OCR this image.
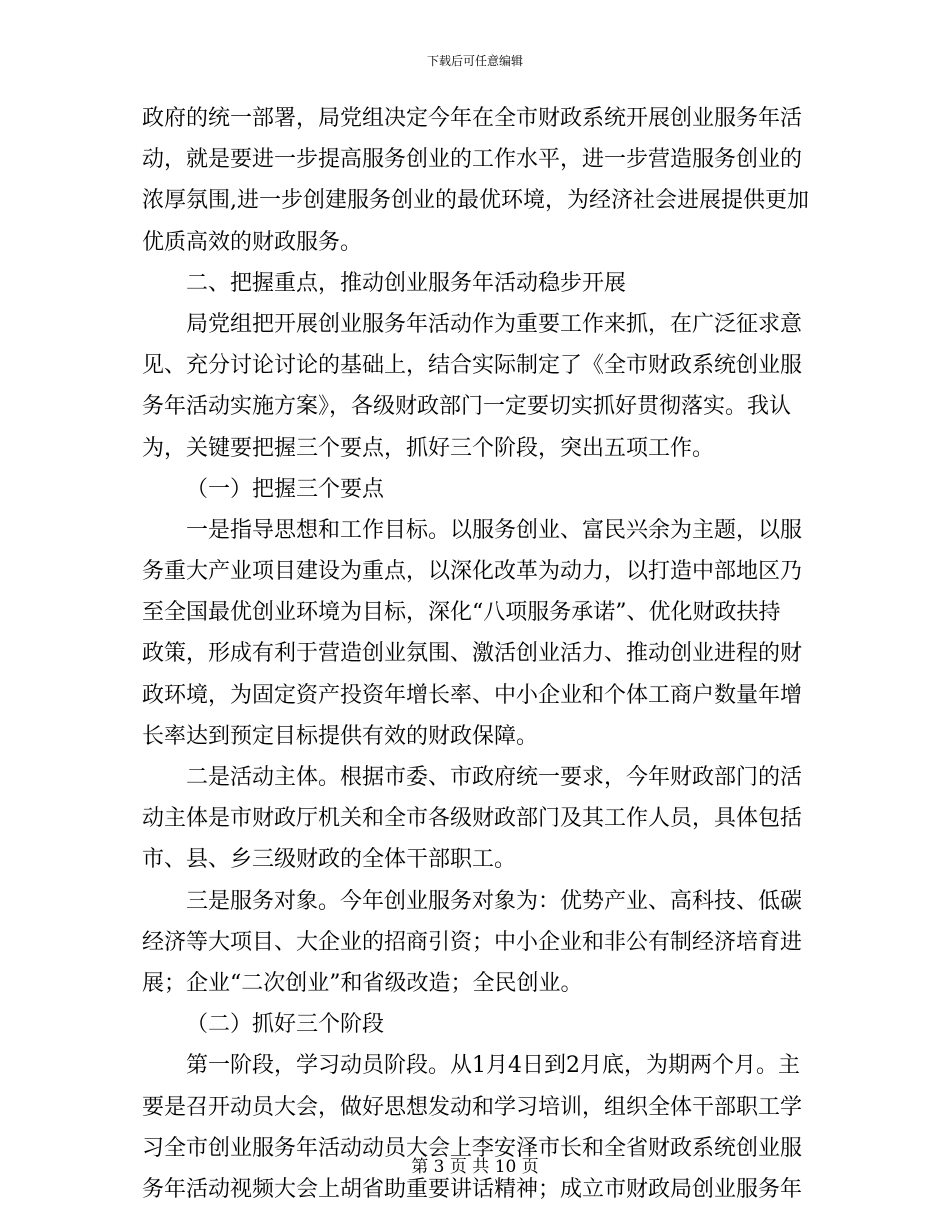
下载后可任意编辑
政府的统一部署，局党组决定今年在全市财政系统开展创业服务年活
动，就是要进一步提高服务创业的工作水平，进一步营造服务创业的
浓厚氛围,进一步创建服务创业的最优环境，为经济社会进展提供更加
优质高效的财政服务。
二、把握重点，推动创业服务年活动稳步开展
局党组把开展创业服务年活动作为重要工作来抓，在广泛征求意
见、充分讨论讨论的基础上，结合实际制定了《全市财政系统创业服
务年活动实施方案》，各级财政部门一定要切实抓好贯彻落实。我认
为，关键要把握三个要点，抓好三个阶段，突出五项工作。
（一）把握三个要点
一是指导思想和工作目标。以服务创业、富民兴余为主题，以服
务重大产业项目建设为重点，以深化改革为动力，以打造中部地区乃
至全国最优创业环境为目标，深化“八项服务承诺”、优化财政扶持
政策，形成有利于营造创业氛围、激活创业活力、推动创业进程的财
政环境，为固定资产投资年增长率、中小企业和个体工商户数量年增
长率达到预定目标提供有效的财政保障。
二是活动主体。根据市委、市政府统一要求，今年财政部门的活
动主体是市财政厅机关和全市各级财政部门及其工作人员，具体包括
市、县、乡三级财政的全体干部职工。
三是服务对象。今年创业服务对象为：优势产业、高科技、低碳
经济等大项目、大企业的招商引资；中小企业和非公有制经济培育进
展；企业“二次创业”和省级改造；全民创业。
（二）抓好三个阶段
第一阶段，学习动员阶段。从1月4日到2月底，为期两个月。主
要是召开动员大会，做好思想发动和学习培训，组织全体干部职工学
习全市创业服务年活动动员大会上李安泽市长和全省财政系统创业服
务年活动视频大会上胡省助重要讲话精神；成立市财政局创业服务年
第 3 页 共 10 页
